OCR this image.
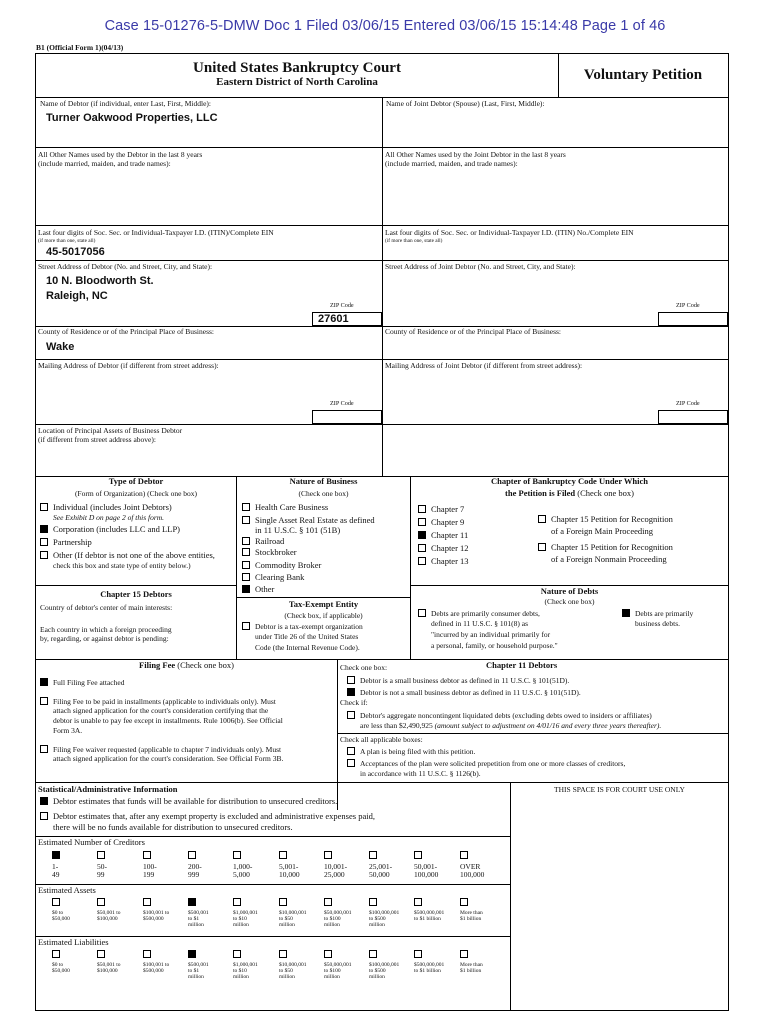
Case 15-01276-5-DMW Doc 1 Filed 03/06/15 Entered 03/06/15 15:14:48 Page 1 of 46
B1 (Official Form 1)(04/13)
United States Bankruptcy Court
Eastern District of North Carolina	Voluntary Petition
Name of Debtor (if individual, enter Last, First, Middle):
Turner Oakwood Properties, LLC
Name of Joint Debtor (Spouse) (Last, First, Middle):
All Other Names used by the Debtor in the last 8 years
(include married, maiden, and trade names):
All Other Names used by the Joint Debtor in the last 8 years
(include married, maiden, and trade names):
Last four digits of Soc. Sec. or Individual-Taxpayer I.D. (ITIN)/Complete EIN
(if more than one, state all)
45-5017056
Last four digits of Soc. Sec. or Individual-Taxpayer I.D. (ITIN) No./Complete EIN
(if more than one, state all)
Street Address of Debtor (No. and Street, City, and State):
10 N. Bloodworth St.
Raleigh, NC
Street Address of Joint Debtor (No. and Street, City, and State):
ZIP Code
27601
ZIP Code
County of Residence or of the Principal Place of Business:
Wake
County of Residence or of the Principal Place of Business:
Mailing Address of Debtor (if different from street address):	Mailing Address of Joint Debtor (if different from street address):
ZIP Code	ZIP Code
Location of Principal Assets of Business Debtor
(if different from street address above):
Type of Debtor
(Form of Organization) (Check one box)
Individual (includes Joint Debtors)
See Exhibit D on page 2 of this form.
Corporation (includes LLC and LLP)
Partnership
Other (If debtor is not one of the above entities,
check this box and state type of entity below.)
Chapter 15 Debtors
Country of debtor's center of main interests:
Each country in which a foreign proceeding
by, regarding, or against debtor is pending:
Nature of Business
(Check one box)
Health Care Business
Single Asset Real Estate as defined
in 11 U.S.C. § 101 (51B)
Railroad
Stockbroker
Commodity Broker
Clearing Bank
Other
Tax-Exempt Entity
(Check box, if applicable)
Debtor is a tax-exempt organization
under Title 26 of the United States
Code (the Internal Revenue Code).
Chapter of Bankruptcy Code Under Which
the Petition is Filed (Check one box)
Chapter 7
Chapter 9
Chapter 11
Chapter 12
Chapter 13
Chapter 15 Petition for Recognition
of a Foreign Main Proceeding
Chapter 15 Petition for Recognition
of a Foreign Nonmain Proceeding
Nature of Debts
(Check one box)
Debts are primarily consumer debts,
defined in 11 U.S.C. § 101(8) as
"incurred by an individual primarily for
a personal, family, or household purpose."
Debts are primarily
business debts.
Filing Fee (Check one box)
Full Filing Fee attached
Filing Fee to be paid in installments (applicable to individuals only). Must
attach signed application for the court's consideration certifying that the
debtor is unable to pay fee except in installments. Rule 1006(b). See Official
Form 3A.
Filing Fee waiver requested (applicable to chapter 7 individuals only). Must
attach signed application for the court's consideration. See Official Form 3B.
Check one box:	Chapter 11 Debtors
Debtor is a small business debtor as defined in 11 U.S.C. § 101(51D).
Debtor is not a small business debtor as defined in 11 U.S.C. § 101(51D).
Check if:
Debtor's aggregate noncontingent liquidated debts (excluding debts owed to insiders or affiliates)
are less than $2,490,925 (amount subject to adjustment on 4/01/16 and every three years thereafter).
Check all applicable boxes:
A plan is being filed with this petition.
Acceptances of the plan were solicited prepetition from one or more classes of creditors,
in accordance with 11 U.S.C. § 1126(b).
Statistical/Administrative Information	THIS SPACE IS FOR COURT USE ONLY
Debtor estimates that funds will be available for distribution to unsecured creditors.
Debtor estimates that, after any exempt property is excluded and administrative expenses paid,
there will be no funds available for distribution to unsecured creditors.
Estimated Number of Creditors
1-
49
50-
99
100-
199
200-
999
1,000-
5,000
5,001-
10,000
10,001-
25,000
25,001-
50,000
50,001-
100,000
OVER
100,000
Estimated Assets
$0 to
$50,000
$50,001 to
$100,000
$100,001 to
$500,000
$500,001
to $1
million
$1,000,001
to $10
million
$10,000,001
to $50
million
$50,000,001
to $100
million
$100,000,001
to $500
million
$500,000,001
to $1 billion
More than
$1 billion
Estimated Liabilities
$0 to
$50,000
$50,001 to
$100,000
$100,001 to
$500,000
$500,001
to $1
million
$1,000,001
to $10
million
$10,000,001
to $50
million
$50,000,001
to $100
million
$100,000,001
to $500
million
$500,000,001
to $1 billion
More than
$1 billion
